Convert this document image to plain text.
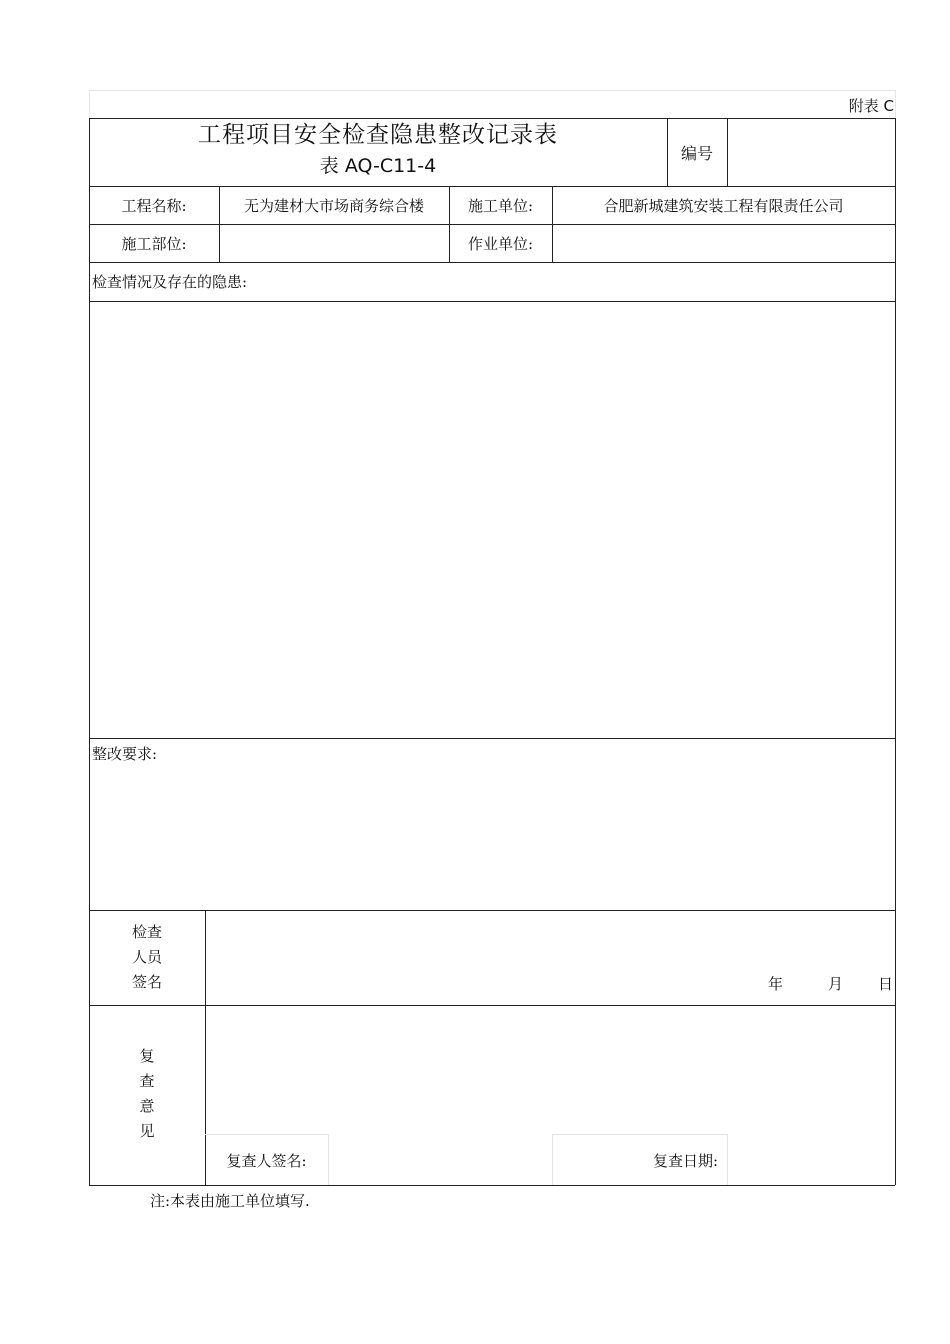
附表 C
工程项目安全检查隐患整改记录表
表 AQ-C11-4
编号
工程名称:	无为建材大市场商务综合楼	施工单位:	合肥新城建筑安装工程有限责任公司
施工部位:	作业单位:
检查情况及存在的隐患:
整改要求:
检查
人员
签名	年	月 日
复
查
意
见
复查人签名:	复查日期:
注:本表由施工单位填写.
